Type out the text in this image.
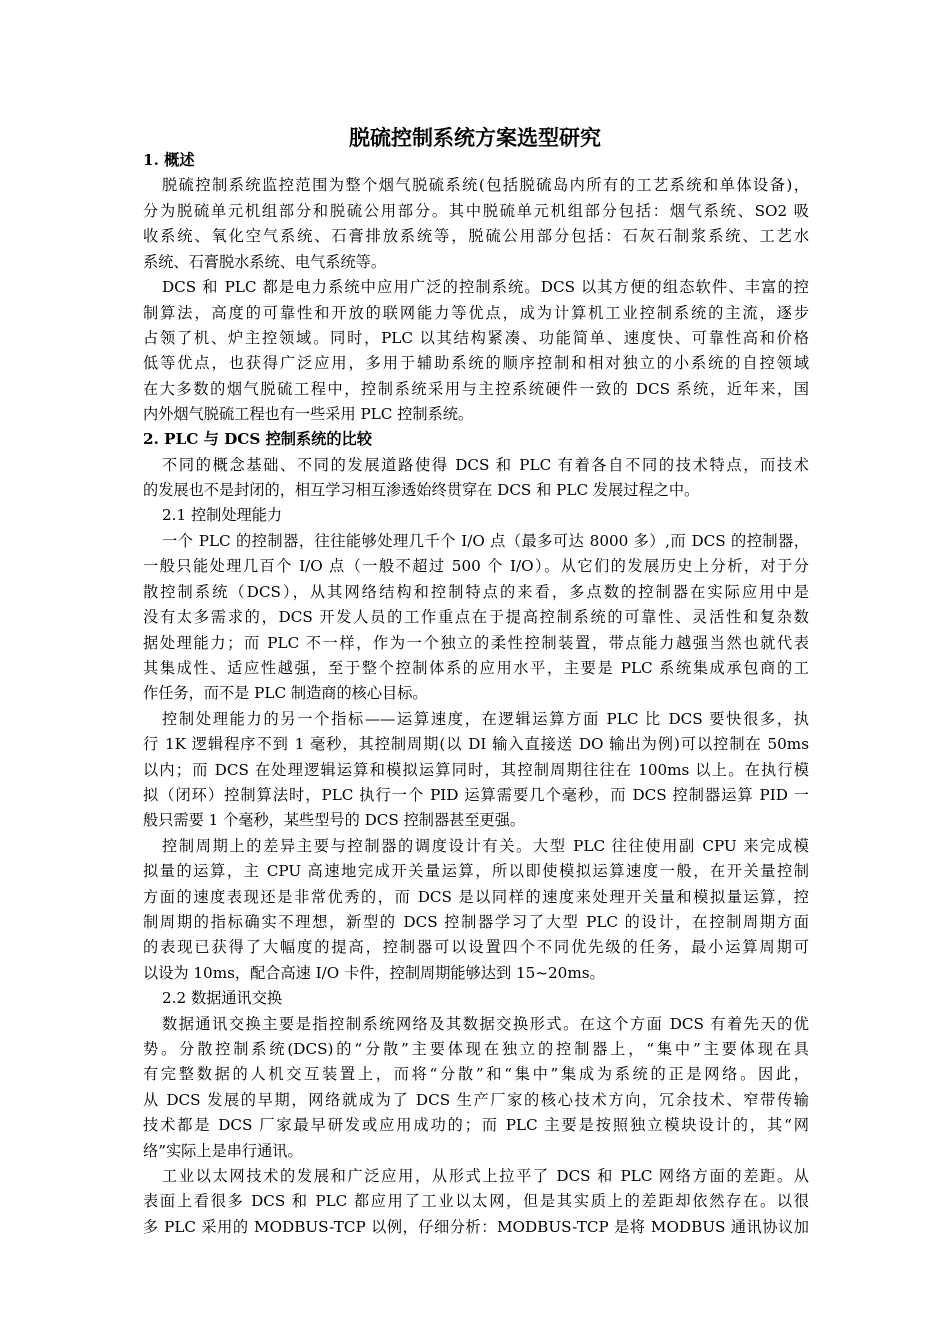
脱硫控制系统方案选型研究
1. 概述
脱硫控制系统监控范围为整个烟气脱硫系统(包括脱硫岛内所有的工艺系统和单体设备)，
分为脱硫单元机组部分和脱硫公用部分。其中脱硫单元机组部分包括：烟气系统、SO2 吸
收系统、氧化空气系统、石膏排放系统等，脱硫公用部分包括：石灰石制浆系统、工艺水
系统、石膏脱水系统、电气系统等。
DCS 和 PLC 都是电力系统中应用广泛的控制系统。DCS 以其方便的组态软件、丰富的控
制算法，高度的可靠性和开放的联网能力等优点，成为计算机工业控制系统的主流，逐步
占领了机、炉主控领域。同时，PLC 以其结构紧凑、功能简单、速度快、可靠性高和价格
低等优点，也获得广泛应用，多用于辅助系统的顺序控制和相对独立的小系统的自控领域
在大多数的烟气脱硫工程中，控制系统采用与主控系统硬件一致的 DCS 系统，近年来，国
内外烟气脱硫工程也有一些采用 PLC 控制系统。
2. PLC 与 DCS 控制系统的比较
不同的概念基础、不同的发展道路使得 DCS 和 PLC 有着各自不同的技术特点，而技术
的发展也不是封闭的，相互学习相互渗透始终贯穿在 DCS 和 PLC 发展过程之中。
2.1 控制处理能力
一个 PLC 的控制器，往往能够处理几千个 I/O 点（最多可达 8000 多）,而 DCS 的控制器，
一般只能处理几百个 I/O 点（一般不超过 500 个 I/O）。从它们的发展历史上分析，对于分
散控制系统（DCS），从其网络结构和控制特点的来看，多点数的控制器在实际应用中是
没有太多需求的，DCS 开发人员的工作重点在于提高控制系统的可靠性、灵活性和复杂数
据处理能力；而 PLC 不一样，作为一个独立的柔性控制装置，带点能力越强当然也就代表
其集成性、适应性越强，至于整个控制体系的应用水平，主要是 PLC 系统集成承包商的工
作任务，而不是 PLC 制造商的核心目标。
控制处理能力的另一个指标——运算速度，在逻辑运算方面 PLC 比 DCS 要快很多，执
行 1K 逻辑程序不到 1 毫秒，其控制周期(以 DI 输入直接送 DO 输出为例)可以控制在 50ms
以内；而 DCS 在处理逻辑运算和模拟运算同时，其控制周期往往在 100ms 以上。在执行模
拟（闭环）控制算法时，PLC 执行一个 PID 运算需要几个毫秒，而 DCS 控制器运算 PID 一
般只需要 1 个毫秒，某些型号的 DCS 控制器甚至更强。
控制周期上的差异主要与控制器的调度设计有关。大型 PLC 往往使用副 CPU 来完成模
拟量的运算，主 CPU 高速地完成开关量运算，所以即使模拟运算速度一般，在开关量控制
方面的速度表现还是非常优秀的，而 DCS 是以同样的速度来处理开关量和模拟量运算，控
制周期的指标确实不理想，新型的 DCS 控制器学习了大型 PLC 的设计，在控制周期方面
的表现已获得了大幅度的提高，控制器可以设置四个不同优先级的任务，最小运算周期可
以设为 10ms，配合高速 I/O 卡件，控制周期能够达到 15~20ms。
2.2 数据通讯交换
数据通讯交换主要是指控制系统网络及其数据交换形式。在这个方面 DCS 有着先天的优
势。分散控制系统(DCS)的“分散”主要体现在独立的控制器上，“集中”主要体现在具
有完整数据的人机交互装置上，而将“分散”和“集中”集成为系统的正是网络。因此，
从 DCS 发展的早期，网络就成为了 DCS 生产厂家的核心技术方向，冗余技术、窄带传输
技术都是 DCS 厂家最早研发或应用成功的；而 PLC 主要是按照独立模块设计的，其“网
络”实际上是串行通讯。
工业以太网技术的发展和广泛应用，从形式上拉平了 DCS 和 PLC 网络方面的差距。从
表面上看很多 DCS 和 PLC 都应用了工业以太网，但是其实质上的差距却依然存在。以很
多 PLC 采用的 MODBUS-TCP 以例，仔细分析：MODBUS-TCP 是将 MODBUS 通讯协议加
